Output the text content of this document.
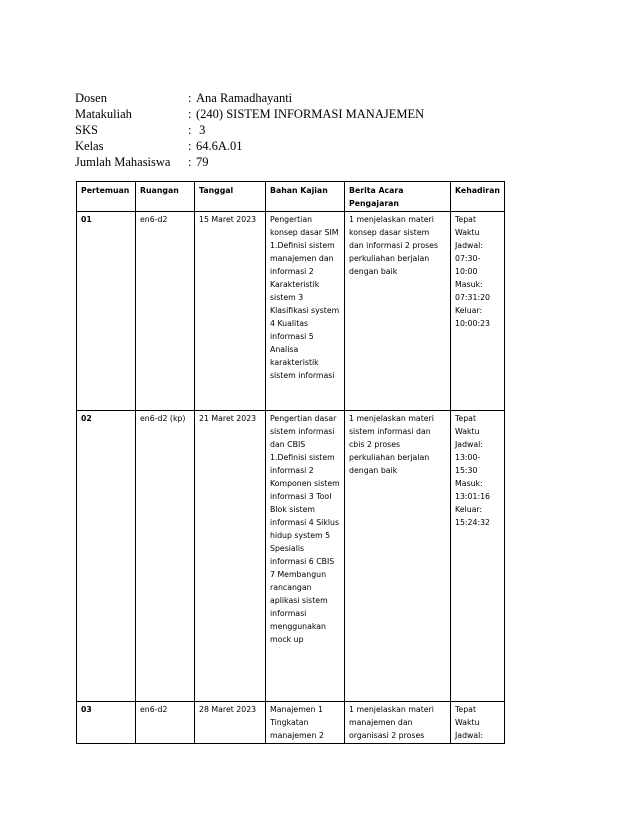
Dosen	: Ana Ramadhayanti
Matakuliah	: (240) SISTEM INFORMASI MANAJEMEN
SKS	: 3
Kelas	: 64.6A.01
Jumlah Mahasiswa	: 79
Pertemuan	Ruangan	Tanggal	Bahan Kajian	Berita Acara Pengajaran	Kehadiran
01	en6-d2	15 Maret 2023	Pengertian konsep dasar SIM 1.Definisi sistem manajemen dan informasi 2 Karakteristik sistem 3 Klasifikasi system 4 Kualitas informasi 5 Analisa karakteristik sistem informasi	1 menjelaskan materi konsep dasar sistem dan informasi 2 proses perkuliahan berjalan dengan baik	Tepat Waktu Jadwal: 07:30-10:00 Masuk: 07:31:20 Keluar: 10:00:23
02	en6-d2 (kp)	21 Maret 2023	Pengertian dasar sistem informasi dan CBIS 1.Definisi sistem informasi 2 Komponen sistem informasi 3 Tool Blok sistem informasi 4 Siklus hidup system 5 Spesialis informasi 6 CBIS 7 Membangun rancangan aplikasi sistem informasi menggunakan mock up	1 menjelaskan materi sistem informasi dan cbis 2 proses perkuliahan berjalan dengan baik	Tepat Waktu Jadwal: 13:00-15:30 Masuk: 13:01:16 Keluar: 15:24:32
03	en6-d2	28 Maret 2023	Manajemen 1 Tingkatan manajemen 2	1 menjelaskan materi manajemen dan organisasi 2 proses	Tepat Waktu Jadwal:
